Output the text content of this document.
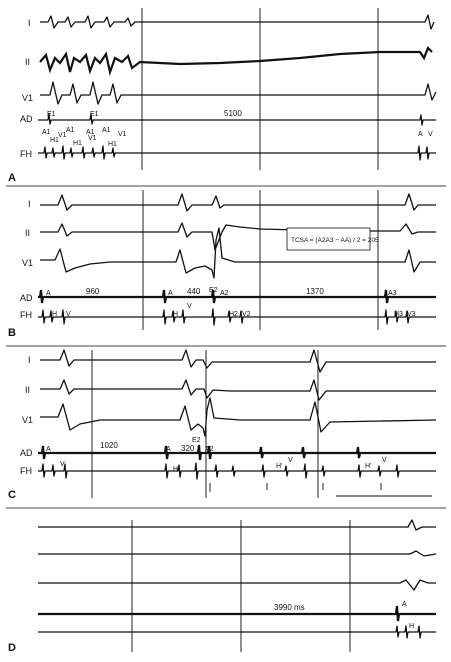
I
II
V1
AD
FH
E1	E1
A1 A1 A1 A1
H1 H1	H1
V1	V1
V1	A V
5100
A
I
II
V1
AD
FH
TCSA = (A2A3 − AA) / 2 = 205
A	A
H V	H
V
E2 A2
H2 V2
A3
H3 V3
960	440	1370
B
I
II
V1
AD
FH
A
V
A
H
E2
A2
H'
V
H'
V
1020	320
C
A
H
3990 ms
D
